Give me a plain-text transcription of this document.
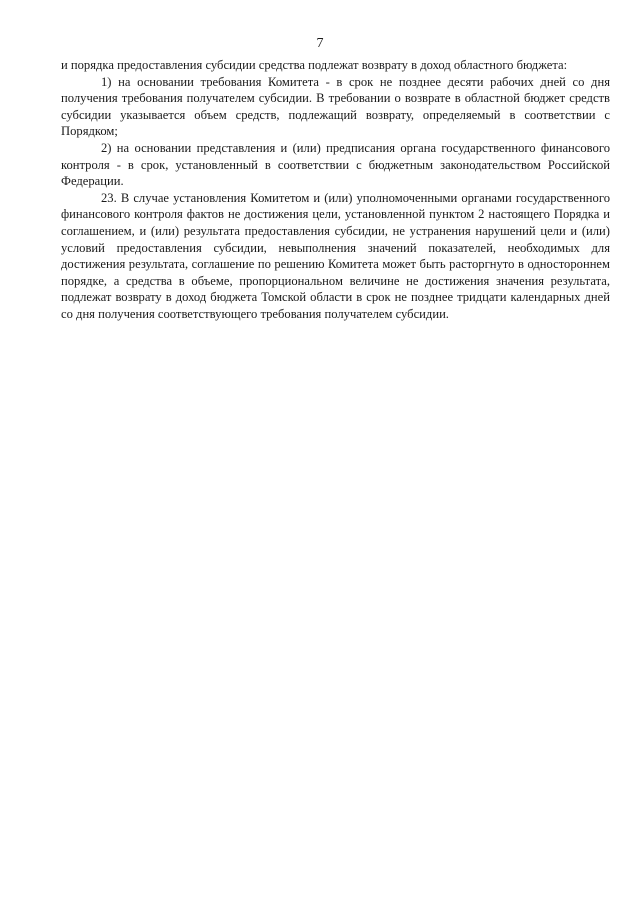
7

и порядка предоставления субсидии средства подлежат возврату в доход областного бюджета:

1) на основании требования Комитета - в срок не позднее десяти рабочих дней со дня получения требования получателем субсидии. В требовании о возврате в областной бюджет средств субсидии указывается объем средств, подлежащий возврату, определяемый в соответствии с Порядком;

2) на основании представления и (или) предписания органа государственного финансового контроля - в срок, установленный в соответствии с бюджетным законодательством Российской Федерации.

23. В случае установления Комитетом и (или) уполномоченными органами государственного финансового контроля фактов не достижения цели, установленной пунктом 2 настоящего Порядка и соглашением, и (или) результата предоставления субсидии, не устранения нарушений цели и (или) условий предоставления субсидии, невыполнения значений показателей, необходимых для достижения результата, соглашение по решению Комитета может быть расторгнуто в одностороннем порядке, а средства в объеме, пропорциональном величине не достижения значения результата, подлежат возврату в доход бюджета Томской области в срок не позднее тридцати календарных дней со дня получения соответствующего требования получателем субсидии.
